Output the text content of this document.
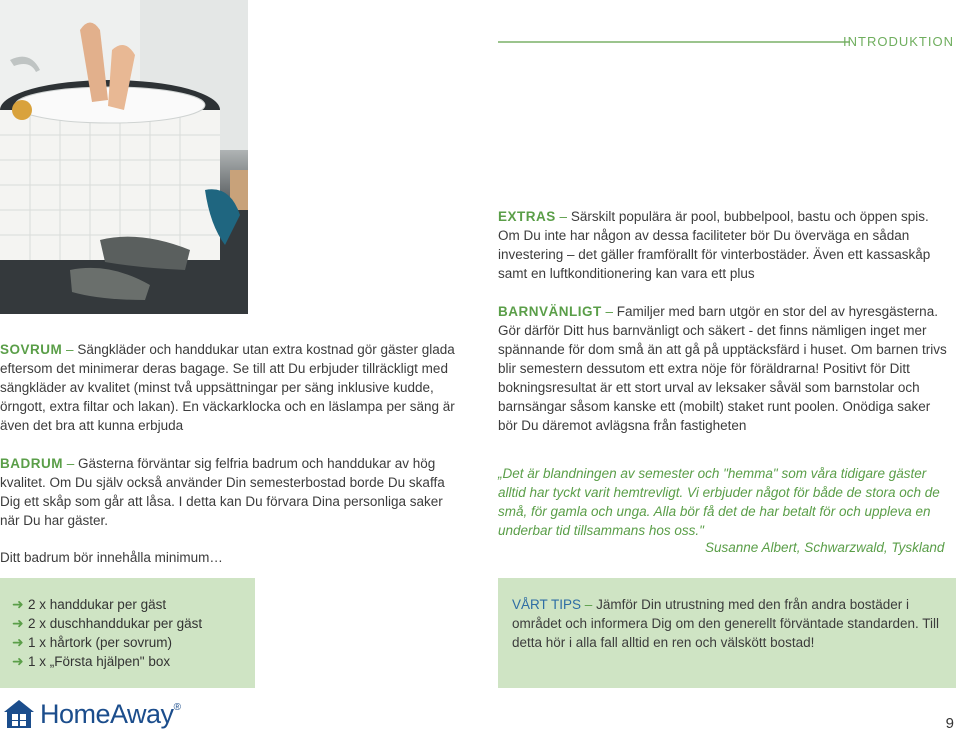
INTRODUKTION
SOVRUM – Sängkläder och handdukar utan extra kostnad gör gäster glada eftersom det minimerar deras bagage. Se till att Du erbjuder tillräckligt med sängkläder av kvalitet (minst två uppsättningar per säng inklusive kudde, örngott, extra filtar och lakan). En väckarklocka och en läslampa per säng är även det bra att kunna erbjuda
BADRUM – Gästerna förväntar sig felfria badrum och handdukar av hög kvalitet. Om Du själv också använder Din semesterbostad borde Du skaffa Dig ett skåp som går att låsa. I detta kan Du förvara Dina personliga saker när Du har gäster.
Ditt badrum bör innehålla minimum…
➜ 2 x handdukar per gäst
➜ 2 x duschhanddukar per gäst
➜ 1 x hårtork (per sovrum)
➜ 1 x „Första hjälpen" box
EXTRAS – Särskilt populära är pool, bubbelpool, bastu och öppen spis. Om Du inte har någon av dessa faciliteter bör Du överväga en sådan investering – det gäller framförallt för vinterbostäder. Även ett kassaskåp samt en luftkonditionering kan vara ett plus
BARNVÄNLIGT – Familjer med barn utgör en stor del av hyresgästerna. Gör därför Ditt hus barnvänligt och säkert - det finns nämligen inget mer spännande för dom små än att gå på upptäcksfärd i huset. Om barnen trivs blir semestern dessutom ett extra nöje för föräldrarna! Positivt för Ditt bokningsresultat är ett stort urval av leksaker såväl som barnstolar och barnsängar såsom kanske ett (mobilt) staket runt poolen. Onödiga saker bör Du däremot avlägsna från fastigheten
„Det är blandningen av semester och "hemma" som våra tidigare gäster alltid har tyckt varit hemtrevligt. Vi erbjuder något för både de stora och de små, för gamla och unga. Alla bör få det de har betalt för och uppleva en underbar tid tillsammans hos oss."
Susanne Albert, Schwarzwald, Tyskland
VÅRT TIPS – Jämför Din utrustning med den från andra bostäder i området och informera Dig om den generellt förväntade standarden. Till detta hör i alla fall alltid en ren och välskött bostad!
HomeAway ®
9
